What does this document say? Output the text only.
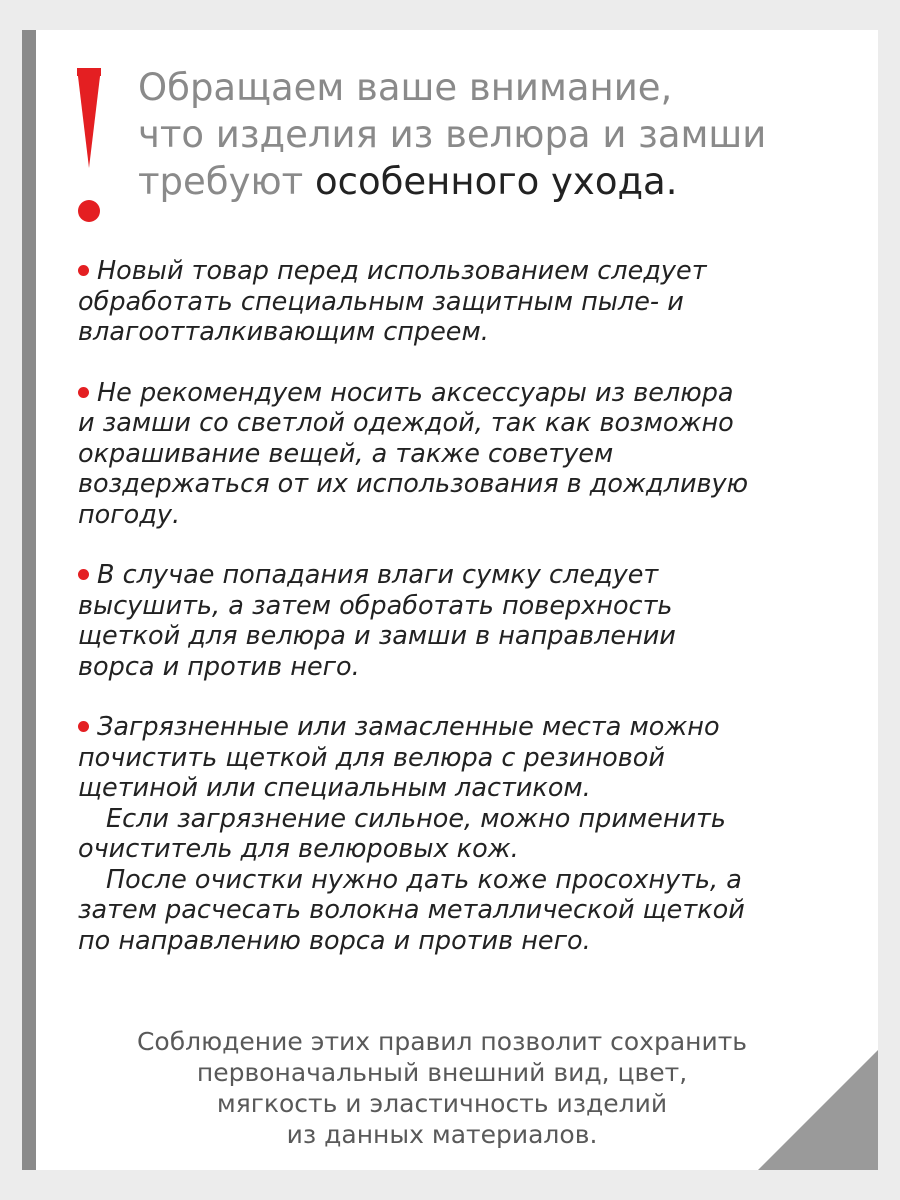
Обращаем ваше внимание,
что изделия из велюра и замши
требуют особенного ухода.
Новый товар перед использованием следует
обработать специальным защитным пыле- и
влагоотталкивающим спреем.
Не рекомендуем носить аксессуары из велюра
и замши со светлой одеждой, так как возможно
окрашивание вещей, а также советуем
воздержаться от их использования в дождливую
погоду.
В случае попадания влаги сумку следует
высушить, а затем обработать поверхность
щеткой для велюра и замши в направлении
ворса и против него.
Загрязненные или замасленные места можно
почистить щеткой для велюра с резиновой
щетиной или специальным ластиком.
Если загрязнение сильное, можно применить
очиститель для велюровых кож.
После очистки нужно дать коже просохнуть, а
затем расчесать волокна металлической щеткой
по направлению ворса и против него.

Соблюдение этих правил позволит сохранить
первоначальный внешний вид, цвет,
мягкость и эластичность изделий
из данных материалов.
